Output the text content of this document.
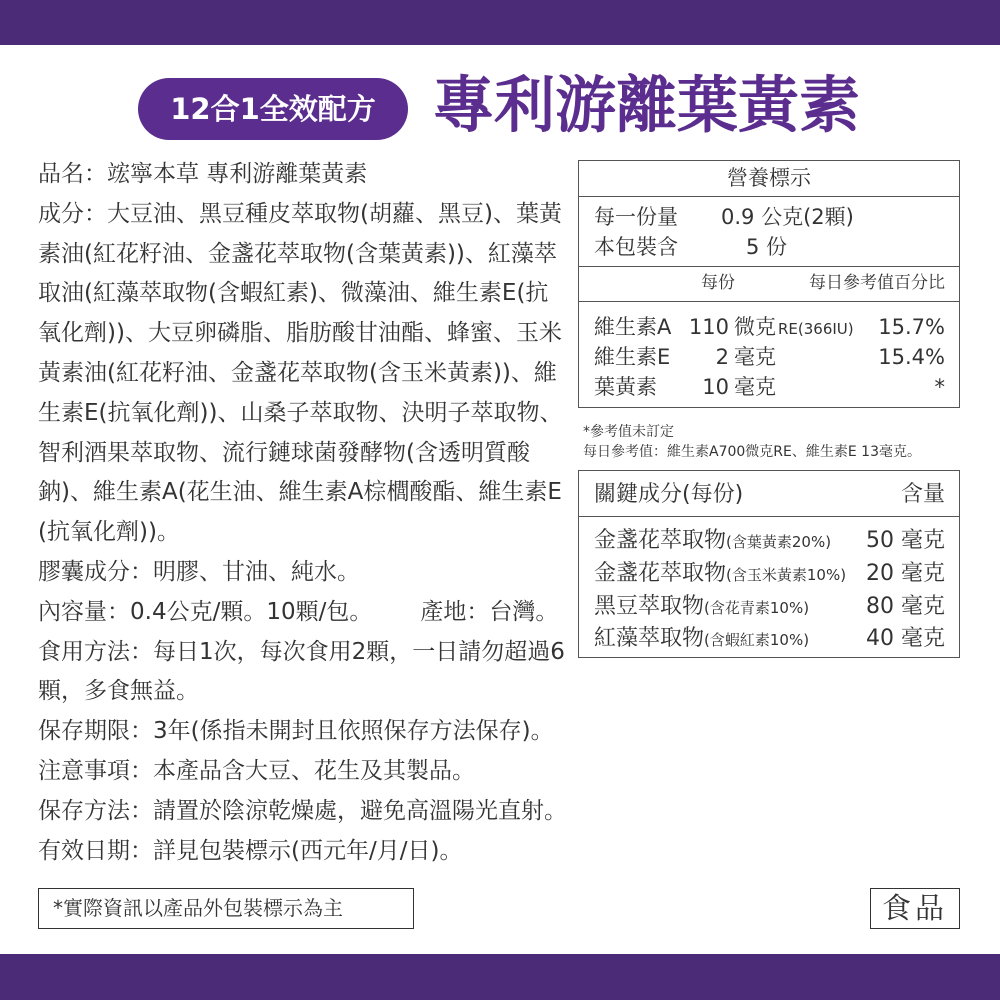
12合1全效配方 專利游離葉黃素
品名：竤寧本草 專利游離葉黃素
成分：大豆油、黑豆種皮萃取物(胡蘿、黑豆)、葉黃
素油(紅花籽油、金盞花萃取物(含葉黃素))、紅藻萃
取油(紅藻萃取物(含蝦紅素)、微藻油、維生素E(抗
氧化劑))、大豆卵磷脂、脂肪酸甘油酯、蜂蜜、玉米
黃素油(紅花籽油、金盞花萃取物(含玉米黃素))、維
生素E(抗氧化劑))、山桑子萃取物、決明子萃取物、
智利酒果萃取物、流行鏈球菌發酵物(含透明質酸
鈉)、維生素A(花生油、維生素A棕櫚酸酯、維生素E
(抗氧化劑))。
膠囊成分：明膠、甘油、純水。
內容量：0.4公克/顆。10顆/包。 產地：台灣。
食用方法：每日1次，每次食用2顆，一日請勿超過6
顆，多食無益。
保存期限：3年(係指未開封且依照保存方法保存)。
注意事項：本產品含大豆、花生及其製品。
保存方法：請置於陰涼乾燥處，避免高溫陽光直射。
有效日期：詳見包裝標示(西元年/月/日)。
營養標示
每一份量 0.9 公克(2顆)
本包裝含	5 份
每份	每日參考值百分比
維生素A 110 微克 RE(366IU) 15.7%
維生素E	2 毫克	15.4%
葉黃素	10 毫克	*
*參考值未訂定
每日參考值：維生素A700微克RE、維生素E 13毫克。
關鍵成分(每份)	含量
金盞花萃取物 (含葉黃素20%) 50 毫克
金盞花萃取物 (含玉米黃素10%) 20 毫克
黑豆萃取物 (含花青素10%)	80 毫克
紅藻萃取物 (含蝦紅素10%)	40 毫克
*實際資訊以產品外包裝標示為主	食品
